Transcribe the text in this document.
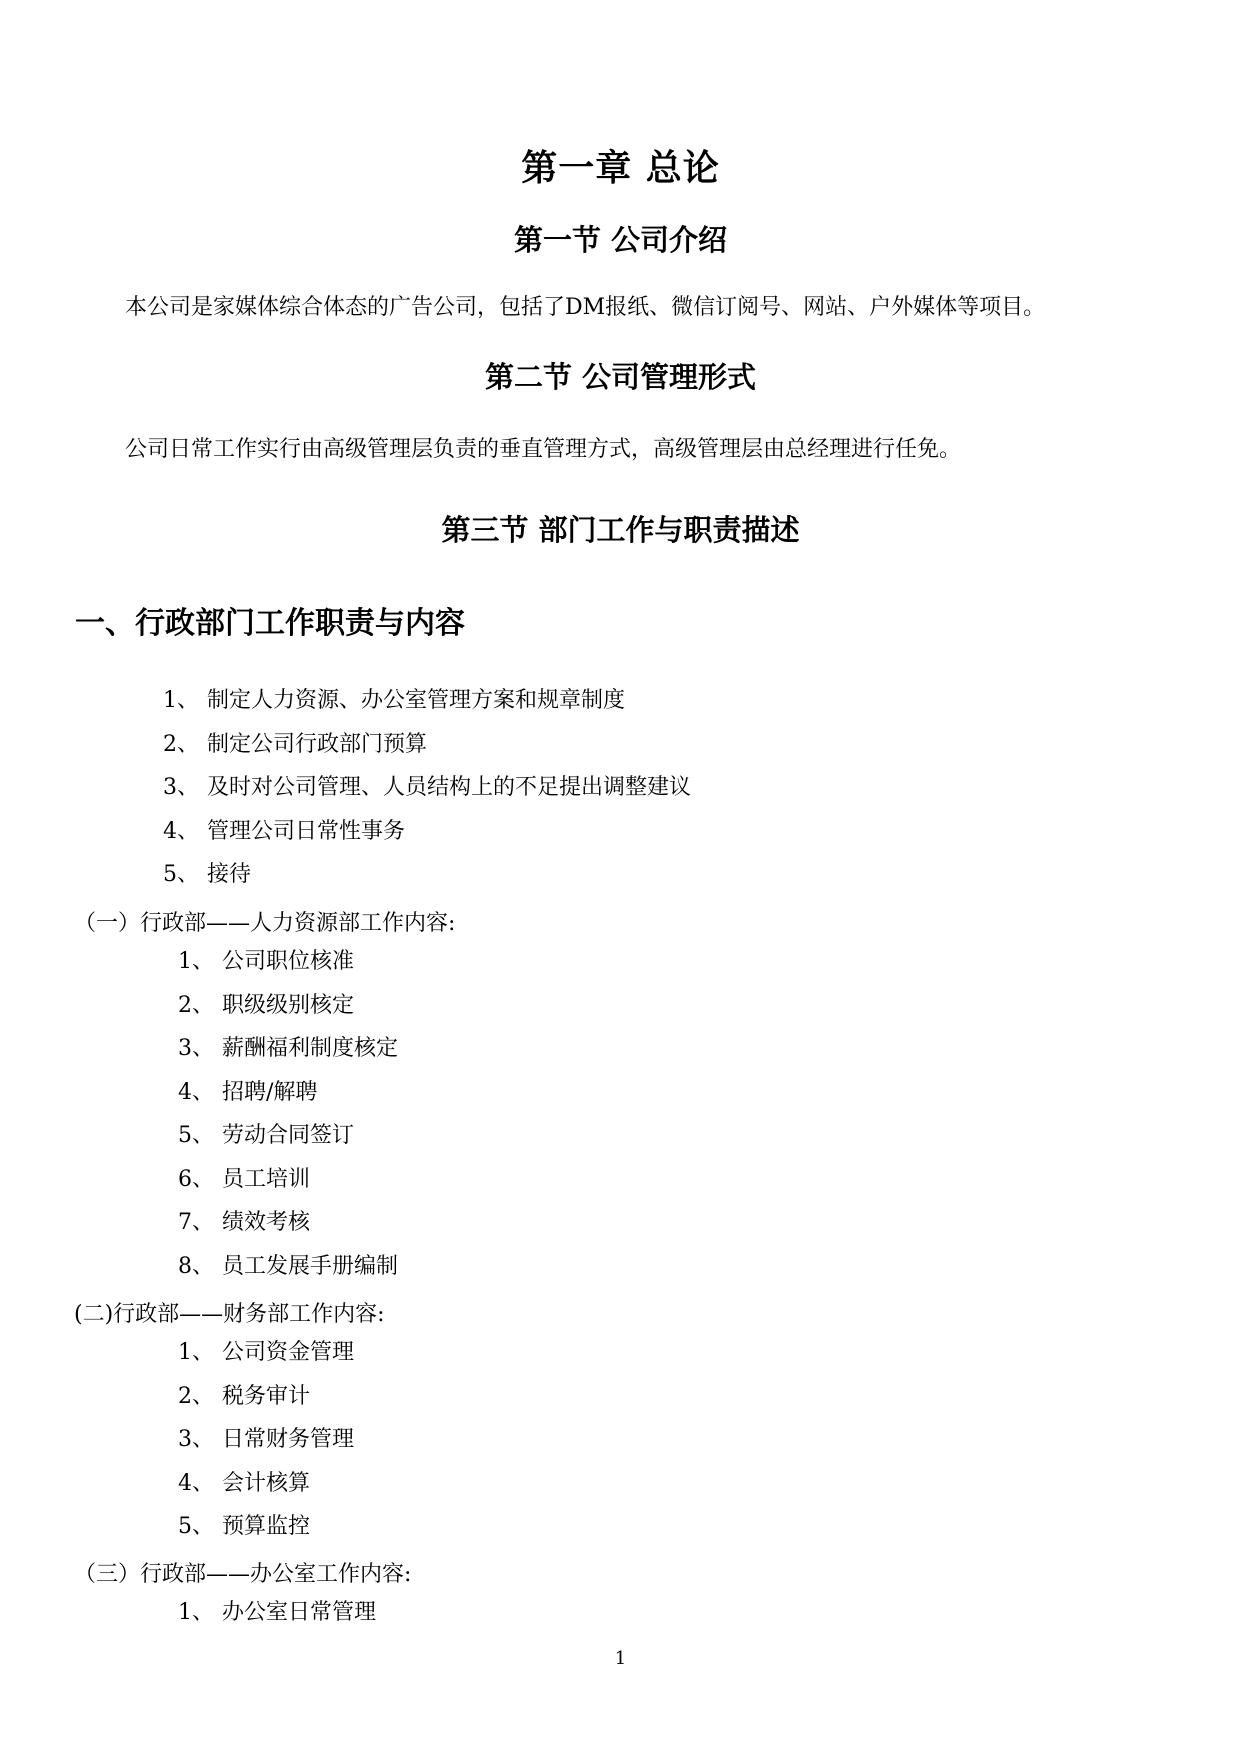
第一章 总论
第一节 公司介绍
本公司是家媒体综合体态的广告公司，包括了DM报纸、微信订阅号、网站、户外媒体等项目。
第二节 公司管理形式
公司日常工作实行由高级管理层负责的垂直管理方式，高级管理层由总经理进行任免。
第三节 部门工作与职责描述
一、行政部门工作职责与内容
1、 制定人力资源、办公室管理方案和规章制度
2、 制定公司行政部门预算
3、 及时对公司管理、人员结构上的不足提出调整建议
4、 管理公司日常性事务
5、 接待
（一）行政部——人力资源部工作内容:
1、 公司职位核准
2、 职级级别核定
3、 薪酬福利制度核定
4、 招聘/解聘
5、 劳动合同签订
6、 员工培训
7、 绩效考核
8、 员工发展手册编制
(二)行政部——财务部工作内容:
1、 公司资金管理
2、 税务审计
3、 日常财务管理
4、 会计核算
5、 预算监控
（三）行政部——办公室工作内容:
1、 办公室日常管理
1
